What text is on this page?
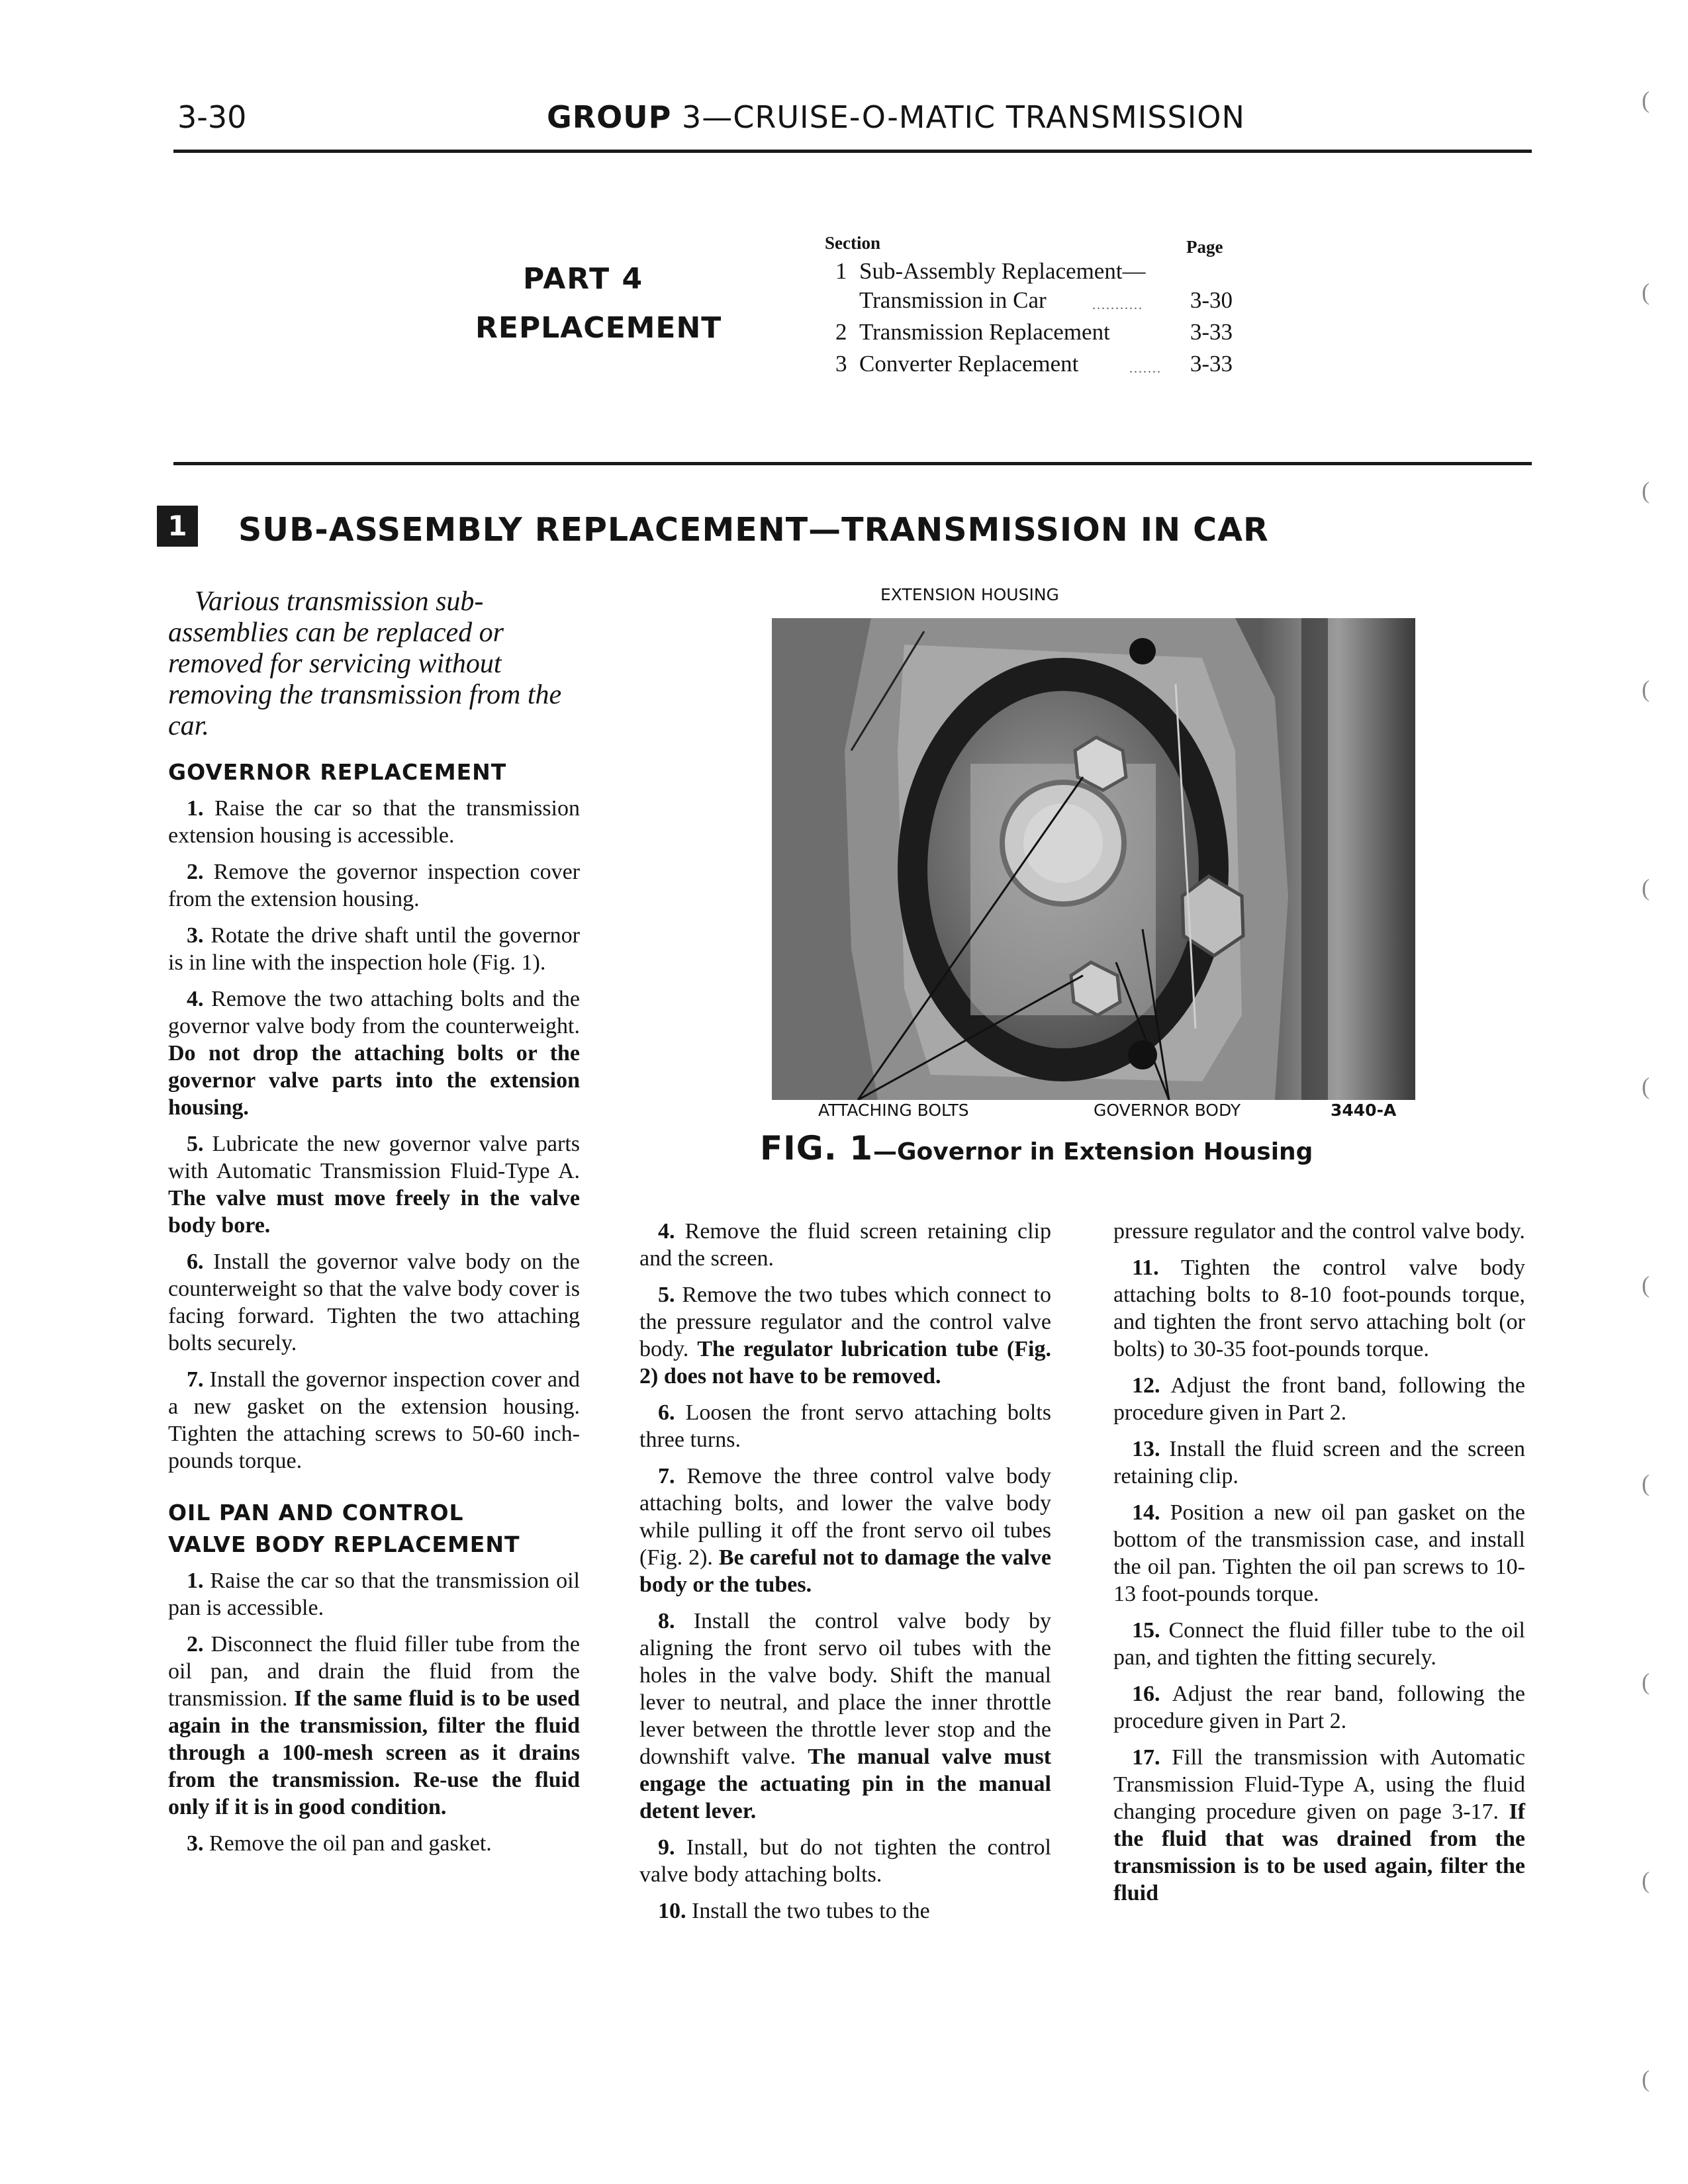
3-30	GROUP 3—CRUISE-O-MATIC TRANSMISSION
PART 4
REPLACEMENT
Section	Page
1 Sub-Assembly Replacement—
Transmission in Car	........... 3-30
2 Transmission Replacement	3-33
3 Converter Replacement	....... 3-33
1	SUB-ASSEMBLY REPLACEMENT—TRANSMISSION IN CAR

Various transmission sub-assemblies can be replaced or removed for servicing without removing the transmission from the car.

GOVERNOR REPLACEMENT

1. Raise the car so that the transmission extension housing is accessible.

2. Remove the governor inspection cover from the extension housing.

3. Rotate the drive shaft until the governor is in line with the inspection hole (Fig. 1).

4. Remove the two attaching bolts and the governor valve body from the counterweight. Do not drop the attaching bolts or the governor valve parts into the extension housing.

5. Lubricate the new governor valve parts with Automatic Transmission Fluid-Type A. The valve must move freely in the valve body bore.

6. Install the governor valve body on the counterweight so that the valve body cover is facing forward. Tighten the two attaching bolts securely.

7. Install the governor inspection cover and a new gasket on the extension housing. Tighten the attaching screws to 50-60 inch-pounds torque.

OIL PAN AND CONTROL
VALVE BODY REPLACEMENT

1. Raise the car so that the transmission oil pan is accessible.

2. Disconnect the fluid filler tube from the oil pan, and drain the fluid from the transmission. If the same fluid is to be used again in the transmission, filter the fluid through a 100-mesh screen as it drains from the transmission. Re-use the fluid only if it is in good condition.

3. Remove the oil pan and gasket.

EXTENSION HOUSING
ATTACHING BOLTS	GOVERNOR BODY	3440-A
FIG. 1—Governor in Extension Housing

4. Remove the fluid screen retaining clip and the screen.

5. Remove the two tubes which connect to the pressure regulator and the control valve body. The regulator lubrication tube (Fig. 2) does not have to be removed.

6. Loosen the front servo attaching bolts three turns.

7. Remove the three control valve body attaching bolts, and lower the valve body while pulling it off the front servo oil tubes (Fig. 2). Be careful not to damage the valve body or the tubes.

8. Install the control valve body by aligning the front servo oil tubes with the holes in the valve body. Shift the manual lever to neutral, and place the inner throttle lever between the throttle lever stop and the downshift valve. The manual valve must engage the actuating pin in the manual detent lever.

9. Install, but do not tighten the control valve body attaching bolts.

10. Install the two tubes to the

pressure regulator and the control valve body.

11. Tighten the control valve body attaching bolts to 8-10 foot-pounds torque, and tighten the front servo attaching bolt (or bolts) to 30-35 foot-pounds torque.

12. Adjust the front band, following the procedure given in Part 2.

13. Install the fluid screen and the screen retaining clip.

14. Position a new oil pan gasket on the bottom of the transmission case, and install the oil pan. Tighten the oil pan screws to 10-13 foot-pounds torque.

15. Connect the fluid filler tube to the oil pan, and tighten the fitting securely.

16. Adjust the rear band, following the procedure given in Part 2.

17. Fill the transmission with Automatic Transmission Fluid-Type A, using the fluid changing procedure given on page 3-17. If the fluid that was drained from the transmission is to be used again, filter the fluid

(
(
(
(
(
(
(
(
(
(
(
